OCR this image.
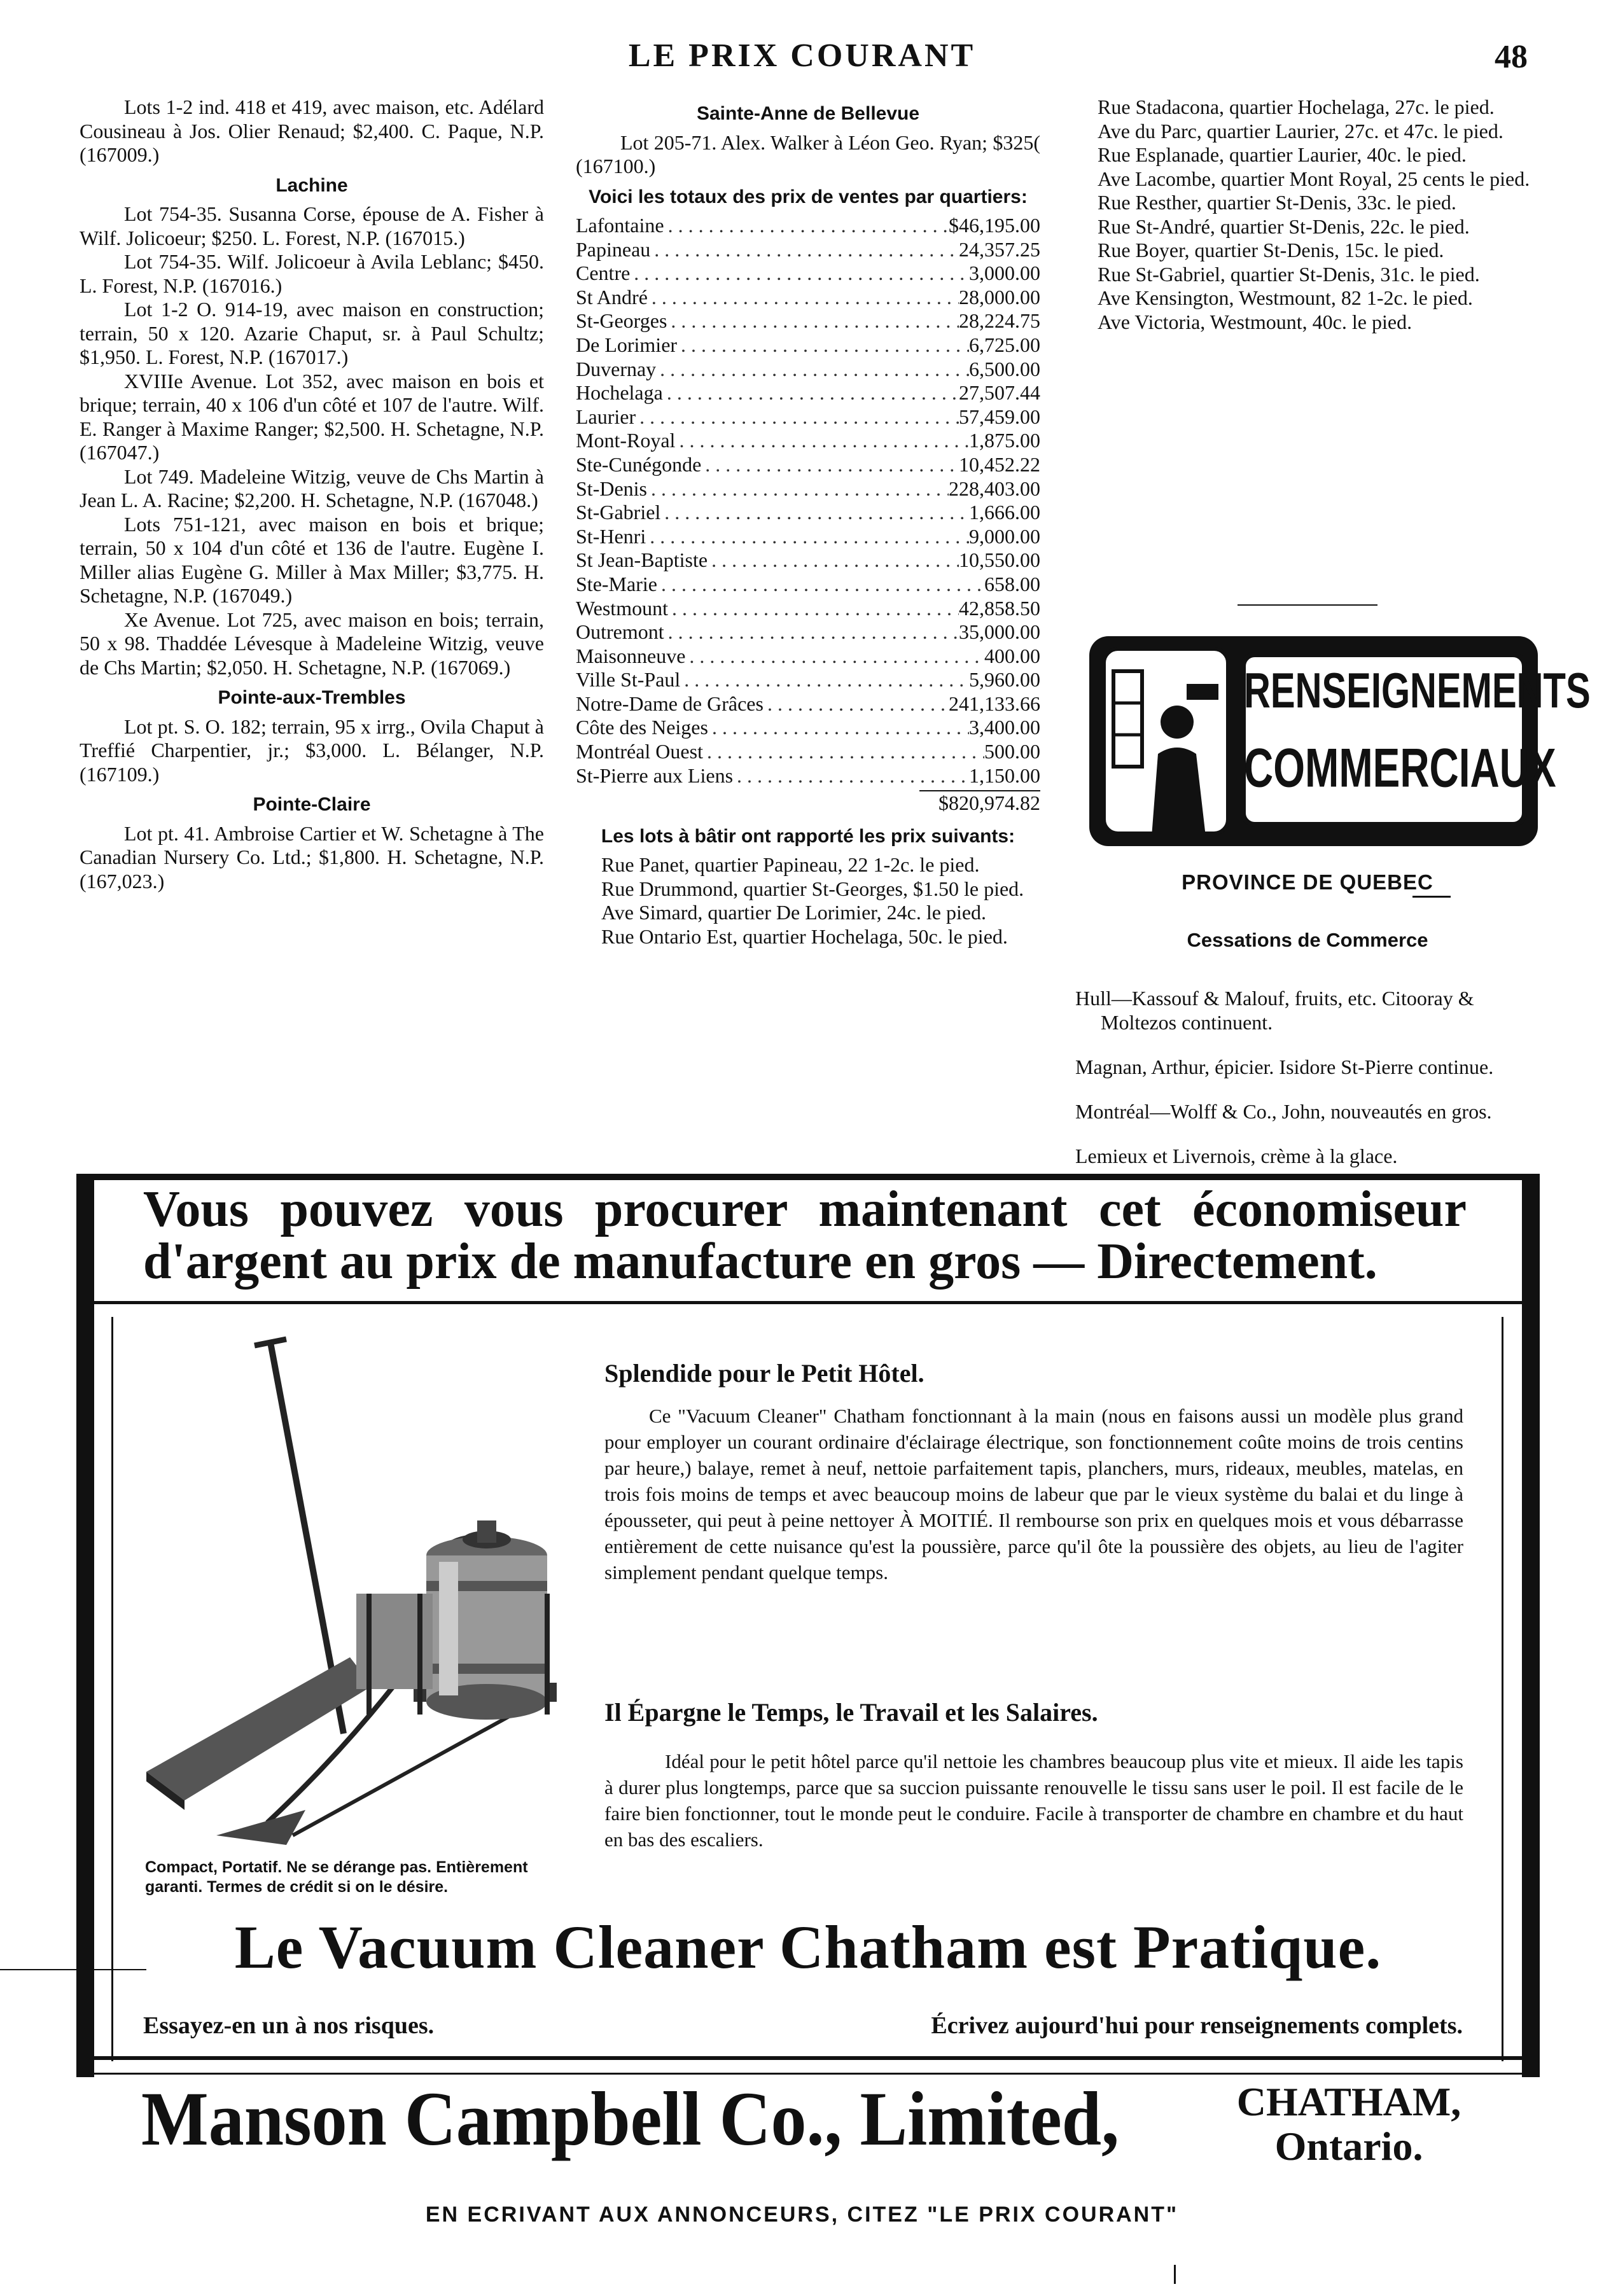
LE PRIX COURANT	48

Lots 1-2 ind. 418 et 419, avec maison, etc. Adélard Cousineau à Jos. Olier Renaud; $2,400. C. Paque, N.P. (167009.)

Lachine

Lot 754-35. Susanna Corse, épouse de A. Fisher à Wilf. Jolicoeur; $250. L. Forest, N.P. (167015.)

Lot 754-35. Wilf. Jolicoeur à Avila Leblanc; $450. L. Forest, N.P. (167016.)

Lot 1-2 O. 914-19, avec maison en construction; terrain, 50 x 120. Azarie Chaput, sr. à Paul Schultz; $1,950. L. Forest, N.P. (167017.)

XVIIIe Avenue. Lot 352, avec maison en bois et brique; terrain, 40 x 106 d'un côté et 107 de l'autre. Wilf. E. Ranger à Maxime Ranger; $2,500. H. Schetagne, N.P. (167047.)

Lot 749. Madeleine Witzig, veuve de Chs Martin à Jean L. A. Racine; $2,200. H. Schetagne, N.P. (167048.)

Lots 751-121, avec maison en bois et brique; terrain, 50 x 104 d'un côté et 136 de l'autre. Eugène I. Miller alias Eugène G. Miller à Max Miller; $3,775. H. Schetagne, N.P. (167049.)

Xe Avenue. Lot 725, avec maison en bois; terrain, 50 x 98. Thaddée Lévesque à Madeleine Witzig, veuve de Chs Martin; $2,050. H. Schetagne, N.P. (167069.)

Pointe-aux-Trembles

Lot pt. S. O. 182; terrain, 95 x irrg., Ovila Chaput à Treffié Charpentier, jr.; $3,000. L. Bélanger, N.P. (167109.)

Pointe-Claire

Lot pt. 41. Ambroise Cartier et W. Schetagne à The Canadian Nursery Co. Ltd.; $1,800. H. Schetagne, N.P. (167,023.)

Sainte-Anne de Bellevue

Lot 205-71. Alex. Walker à Léon Geo. Ryan; $325( (167100.)

Voici les totaux des prix de ventes par quartiers:

Lafontaine . . .	$46,195.00
Papineau . . .	24,357.25
Centre . . .	3,000.00
St André . . .	28,000.00
St-Georges . . .	28,224.75
De Lorimier . . .	6,725.00
Duvernay . . .	6,500.00
Hochelaga . . .	27,507.44
Laurier . . .	57,459.00
Mont-Royal . . .	1,875.00
Ste-Cunégonde . . .	10,452.22
St-Denis . . .	228,403.00
St-Gabriel . . .	1,666.00
St-Henri . . .	9,000.00
St Jean-Baptiste . . .	10,550.00
Ste-Marie . . .	658.00
Westmount . . .	42,858.50
Outremont . . .	35,000.00
Maisonneuve . . .	400.00
Ville St-Paul . . .	5,960.00
Notre-Dame de Grâces . . .	241,133.66
Côte des Neiges . . .	3,400.00
Montréal Ouest . . .	500.00
St-Pierre aux Liens . . .	1,150.00
$820,974.82

Les lots à bâtir ont rapporté les prix suivants:

Rue Panet, quartier Papineau, 22 1-2c. le pied.

Rue Drummond, quartier St-Georges, $1.50 le pied.

Ave Simard, quartier De Lorimier, 24c. le pied.

Rue Ontario Est, quartier Hochelaga, 50c. le pied.

Rue Stadacona, quartier Hochelaga, 27c. le pied.

Ave du Parc, quartier Laurier, 27c. et 47c. le pied.

Rue Esplanade, quartier Laurier, 40c. le pied.

Ave Lacombe, quartier Mont Royal, 25 cents le pied.

Rue Resther, quartier St-Denis, 33c. le pied.

Rue St-André, quartier St-Denis, 22c. le pied.

Rue Boyer, quartier St-Denis, 15c. le pied.

Rue St-Gabriel, quartier St-Denis, 31c. le pied.

Ave Kensington, Westmount, 82 1-2c. le pied.

Ave Victoria, Westmount, 40c. le pied.

RENSEIGNEMENTS
COMMERCIAUX
PROVINCE DE QUEBEC
Cessations de Commerce

Hull—Kassouf & Malouf, fruits, etc. Citooray & Moltezos continuent.

Magnan, Arthur, épicier. Isidore St-Pierre continue.

Montréal—Wolff & Co., John, nouveautés en gros.

Lemieux et Livernois, crème à la glace.

Vous pouvez vous procurer maintenant cet économiseur d'argent au prix de manufacture en gros — Directement.
Compact, Portatif. Ne se dérange pas. Entièrement garanti. Termes de crédit si on le désire.
Splendide pour le Petit Hôtel.
Ce "Vacuum Cleaner" Chatham fonctionnant à la main (nous en faisons aussi un modèle plus grand pour employer un courant ordinaire d'éclairage électrique, son fonctionnement coûte moins de trois centins par heure,) balaye, remet à neuf, nettoie parfaitement tapis, planchers, murs, rideaux, meubles, matelas, en trois fois moins de temps et avec beaucoup moins de labeur que par le vieux système du balai et du linge à épousseter, qui peut à peine nettoyer À MOITIÉ. Il rembourse son prix en quelques mois et vous débarrasse entièrement de cette nuisance qu'est la poussière, parce qu'il ôte la poussière des objets, au lieu de l'agiter simplement pendant quelque temps.
Il Épargne le Temps, le Travail et les Salaires.
Idéal pour le petit hôtel parce qu'il nettoie les chambres beaucoup plus vite et mieux. Il aide les tapis à durer plus longtemps, parce que sa succion puissante renouvelle le tissu sans user le poil. Il est facile de le faire bien fonctionner, tout le monde peut le conduire. Facile à transporter de chambre en chambre et du haut en bas des escaliers.
Le Vacuum Cleaner Chatham est Pratique.
Essayez-en un à nos risques.	Écrivez aujourd'hui pour renseignements complets.
Manson Campbell Co., Limited,	CHATHAM,
Ontario.
EN ECRIVANT AUX ANNONCEURS, CITEZ "LE PRIX COURANT"
